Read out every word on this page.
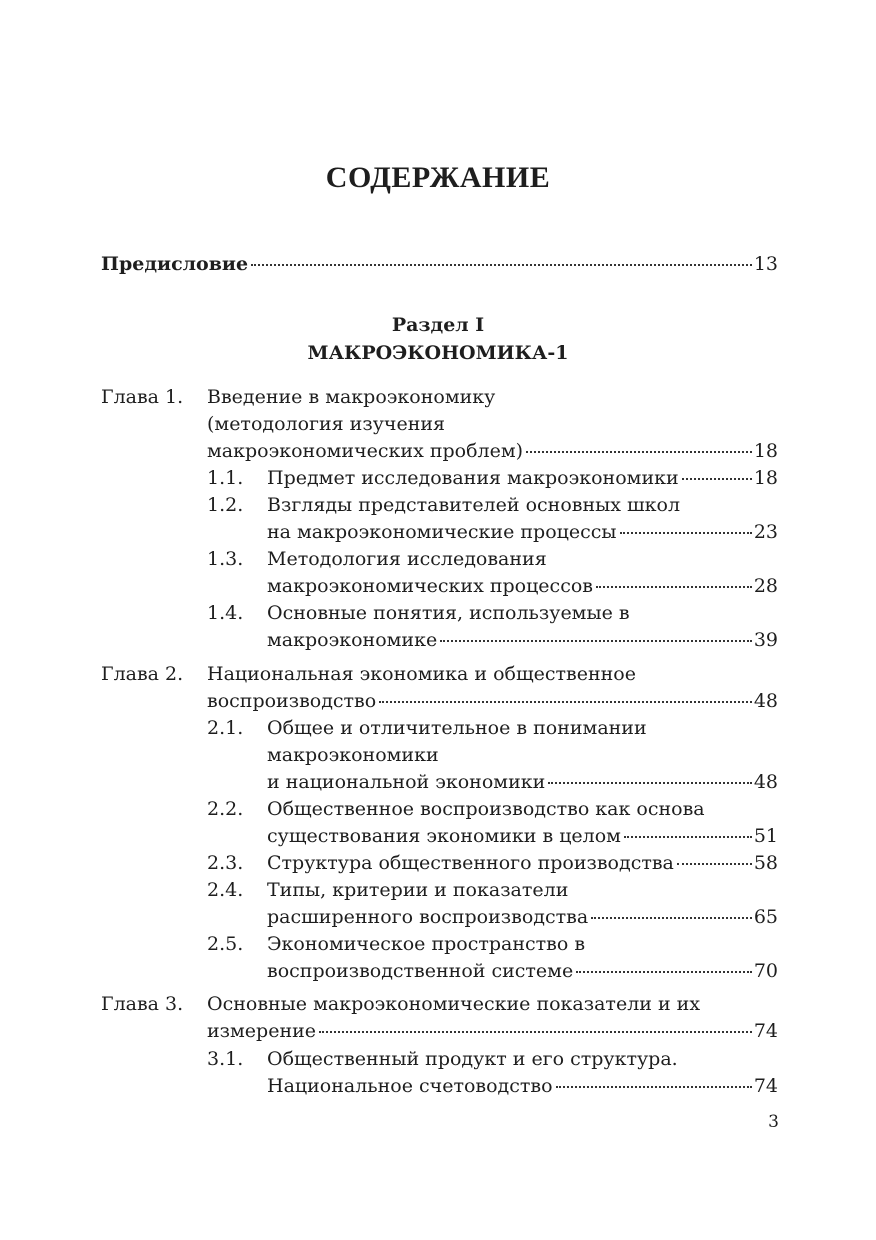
СОДЕРЖАНИЕ
Предисловие	13
Раздел I
МАКРОЭКОНОМИКА-1
Глава 1. Введение в макроэкономику
(методология изучения
макроэкономических проблем)	18
1.1. Предмет исследования макроэкономики	18
1.2. Взгляды представителей основных школ
на макроэкономические процессы	23
1.3. Методология исследования
макроэкономических процессов	28
1.4. Основные понятия, используемые в
макроэкономике	39
Глава 2. Национальная экономика и общественное
воспроизводство	48
2.1. Общее и отличительное в понимании
макроэкономики
и национальной экономики	48
2.2. Общественное воспроизводство как основа
существования экономики в целом	51
2.3. Структура общественного производства	58
2.4. Типы, критерии и показатели
расширенного воспроизводства	65
2.5. Экономическое пространство в
воспроизводственной системе	70
Глава 3. Основные макроэкономические показатели и их
измерение	74
3.1. Общественный продукт и его структура.
Национальное счетоводство	74
3
